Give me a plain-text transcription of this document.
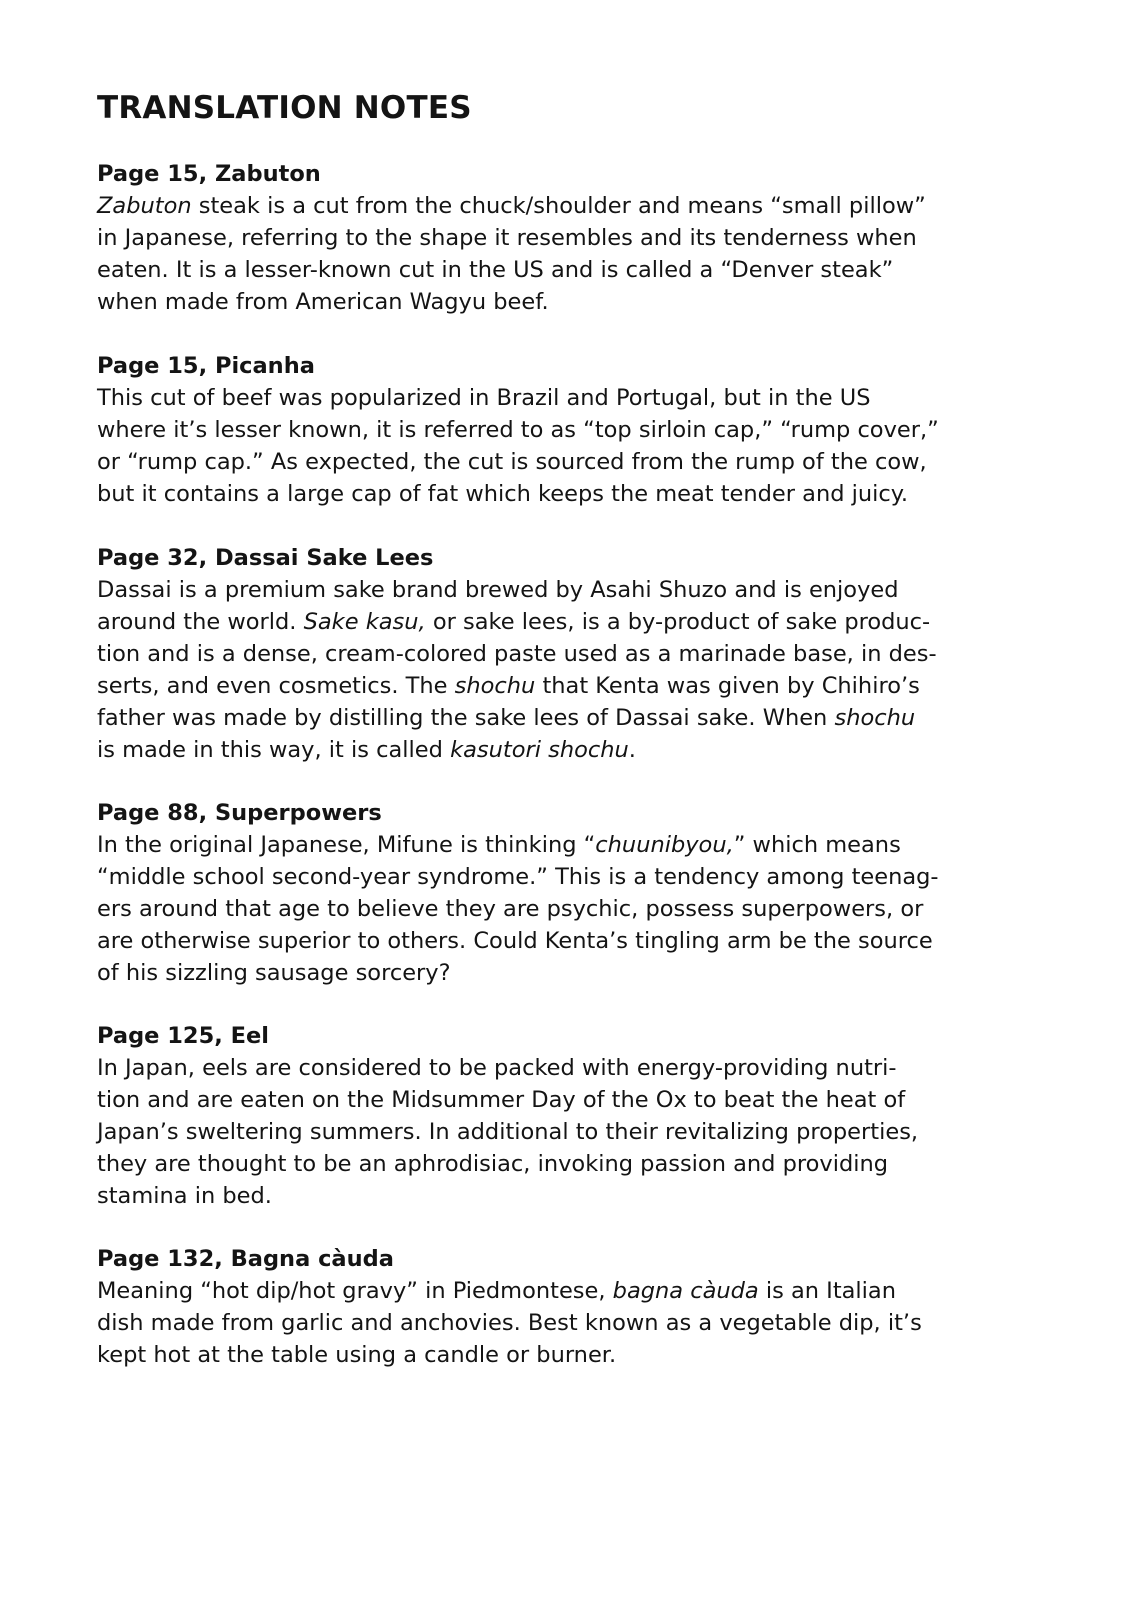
TRANSLATION NOTES
Page 15, Zabuton

Zabuton steak is a cut from the chuck/shoulder and means “small pillow”
in Japanese, referring to the shape it resembles and its tenderness when
eaten. It is a lesser-known cut in the US and is called a “Denver steak”
when made from American Wagyu beef.

Page 15, Picanha

This cut of beef was popularized in Brazil and Portugal, but in the US
where it’s lesser known, it is referred to as “top sirloin cap,” “rump cover,”
or “rump cap.” As expected, the cut is sourced from the rump of the cow,
but it contains a large cap of fat which keeps the meat tender and juicy.

Page 32, Dassai Sake Lees

Dassai is a premium sake brand brewed by Asahi Shuzo and is enjoyed
around the world. Sake kasu, or sake lees, is a by-product of sake produc-
tion and is a dense, cream-colored paste used as a marinade base, in des-
serts, and even cosmetics. The shochu that Kenta was given by Chihiro’s
father was made by distilling the sake lees of Dassai sake. When shochu
is made in this way, it is called kasutori shochu.

Page 88, Superpowers

In the original Japanese, Mifune is thinking “chuunibyou,” which means
“middle school second-year syndrome.” This is a tendency among teenag-
ers around that age to believe they are psychic, possess superpowers, or
are otherwise superior to others. Could Kenta’s tingling arm be the source
of his sizzling sausage sorcery?

Page 125, Eel

In Japan, eels are considered to be packed with energy-providing nutri-
tion and are eaten on the Midsummer Day of the Ox to beat the heat of
Japan’s sweltering summers. In additional to their revitalizing properties,
they are thought to be an aphrodisiac, invoking passion and providing
stamina in bed.

Page 132, Bagna càuda

Meaning “hot dip/hot gravy” in Piedmontese, bagna càuda is an Italian
dish made from garlic and anchovies. Best known as a vegetable dip, it’s
kept hot at the table using a candle or burner.
